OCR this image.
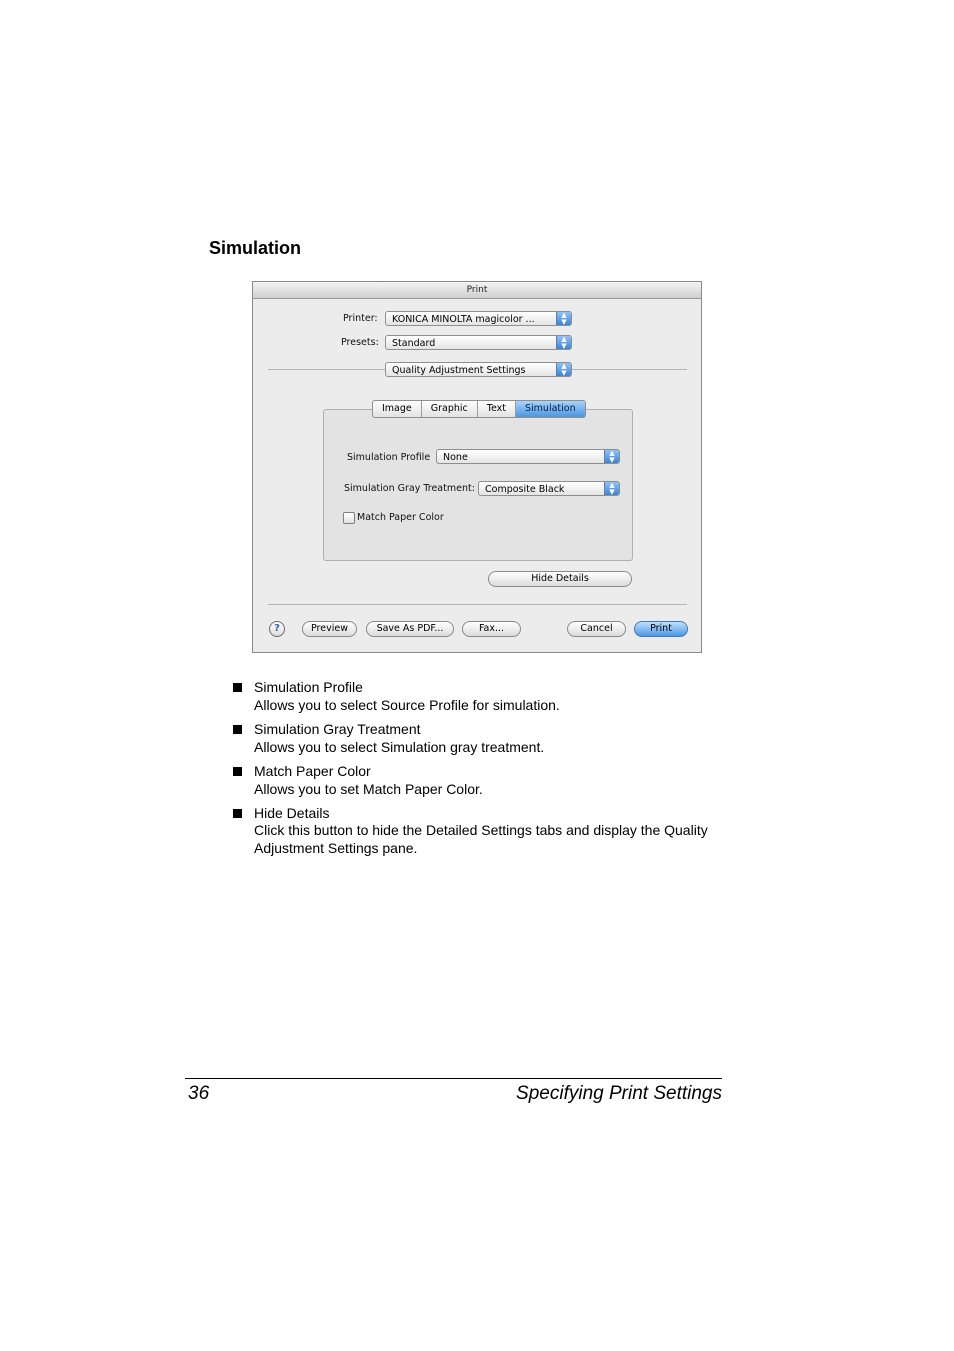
Simulation
Print
Printer:	KONICA MINOLTA magicolor ...	▲
▼
Presets:	Standard	▲
▼
Quality Adjustment Settings	▲
▼
Image	Graphic	Text	Simulation
Simulation Profile	None	▲
▼
Simulation Gray Treatment:	Composite Black	▲
▼
Match Paper Color
Hide Details
?	Preview	Save As PDF...	Fax...	Cancel	Print
Simulation Profile
Allows you to select Source Profile for simulation.
Simulation Gray Treatment
Allows you to select Simulation gray treatment.
Match Paper Color
Allows you to set Match Paper Color.
Hide Details
Click this button to hide the Detailed Settings tabs and display the Quality
Adjustment Settings pane.
36	Specifying Print Settings
